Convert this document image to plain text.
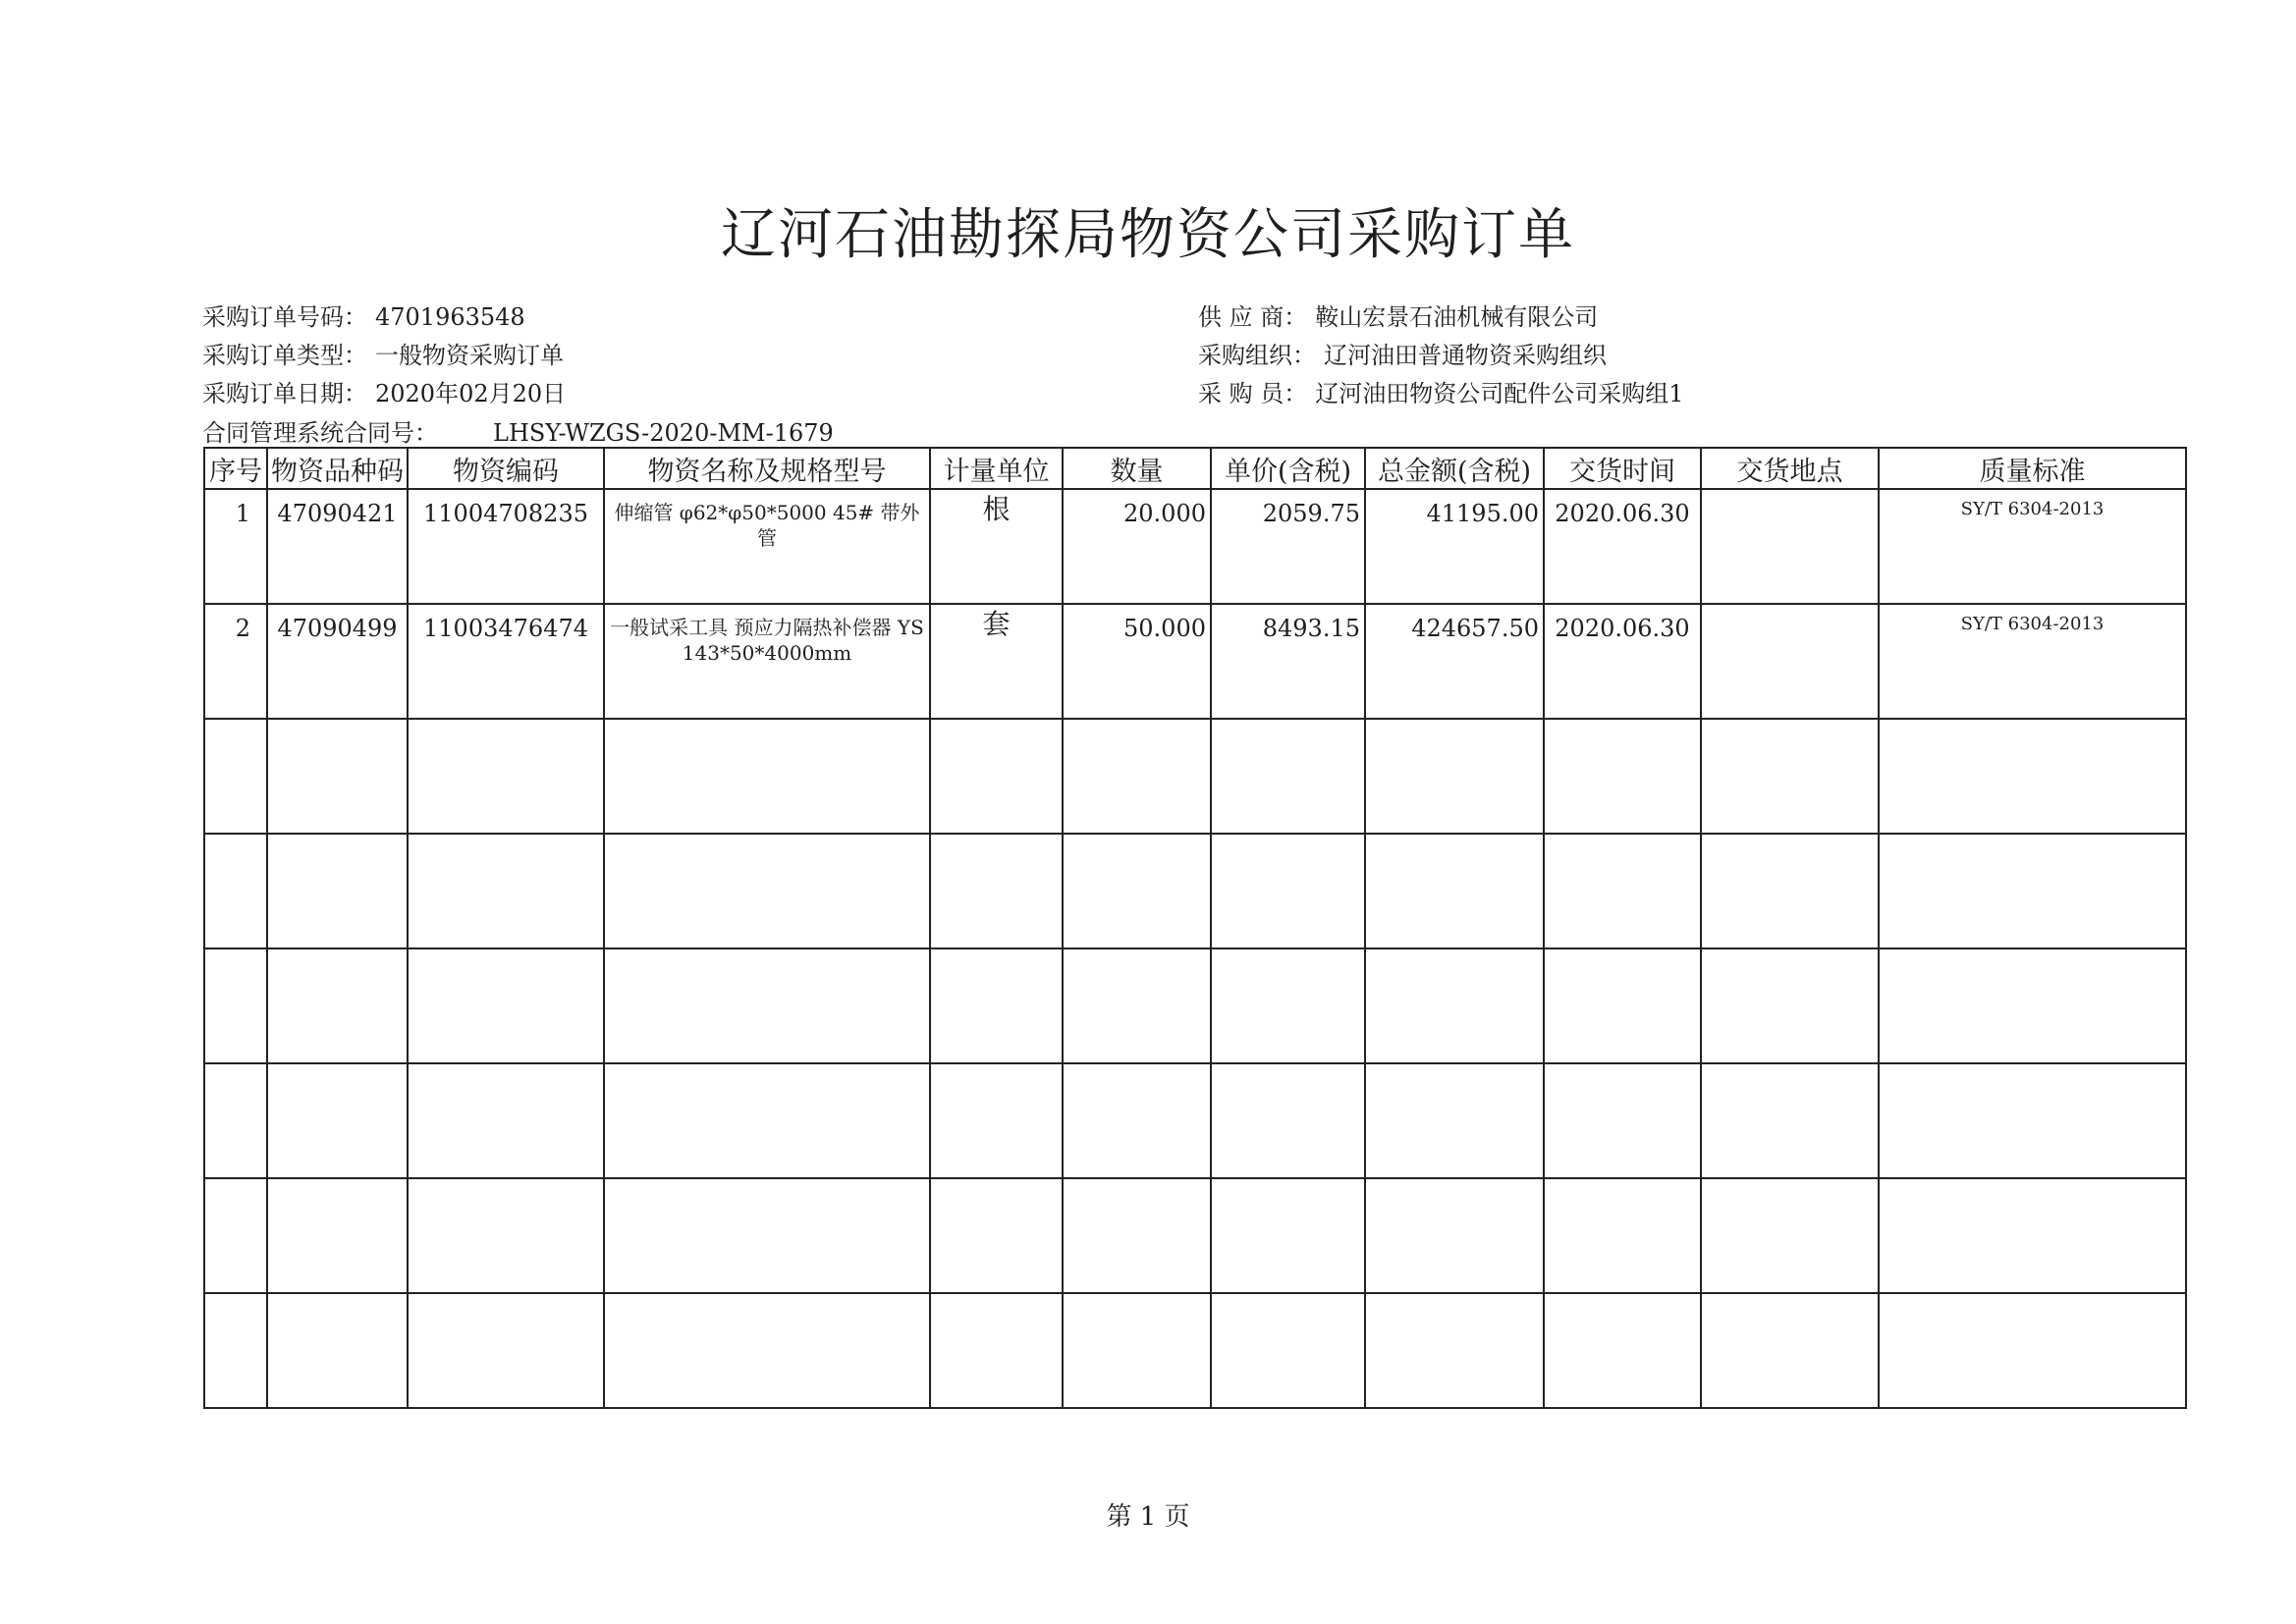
辽河石油勘探局物资公司采购订单
采购订单号码： 4701963548
采购订单类型： 一般物资采购订单
采购订单日期： 2020年02月20日
供 应 商： 鞍山宏景石油机械有限公司
采购组织： 辽河油田普通物资采购组织
采 购 员： 辽河油田物资公司配件公司采购组1
合同管理系统合同号： LHSY-WZGS-2020-MM-1679
序号	物资品种码	物资编码	物资名称及规格型号	计量单位	数量	单价(含税)	总金额(含税)	交货时间	交货地点	质量标准

1	47090421	11004708235	伸缩管 φ62*φ50*5000 45# 带外管	根	20.000	2059.75	41195.00	2020.06.30		SY/T 6304-2013

2	47090499	11003476474	一般试采工具 预应力隔热补偿器 YS 143*50*4000mm	套	50.000	8493.15	424657.50	2020.06.30		SY/T 6304-2013

第 1 页
